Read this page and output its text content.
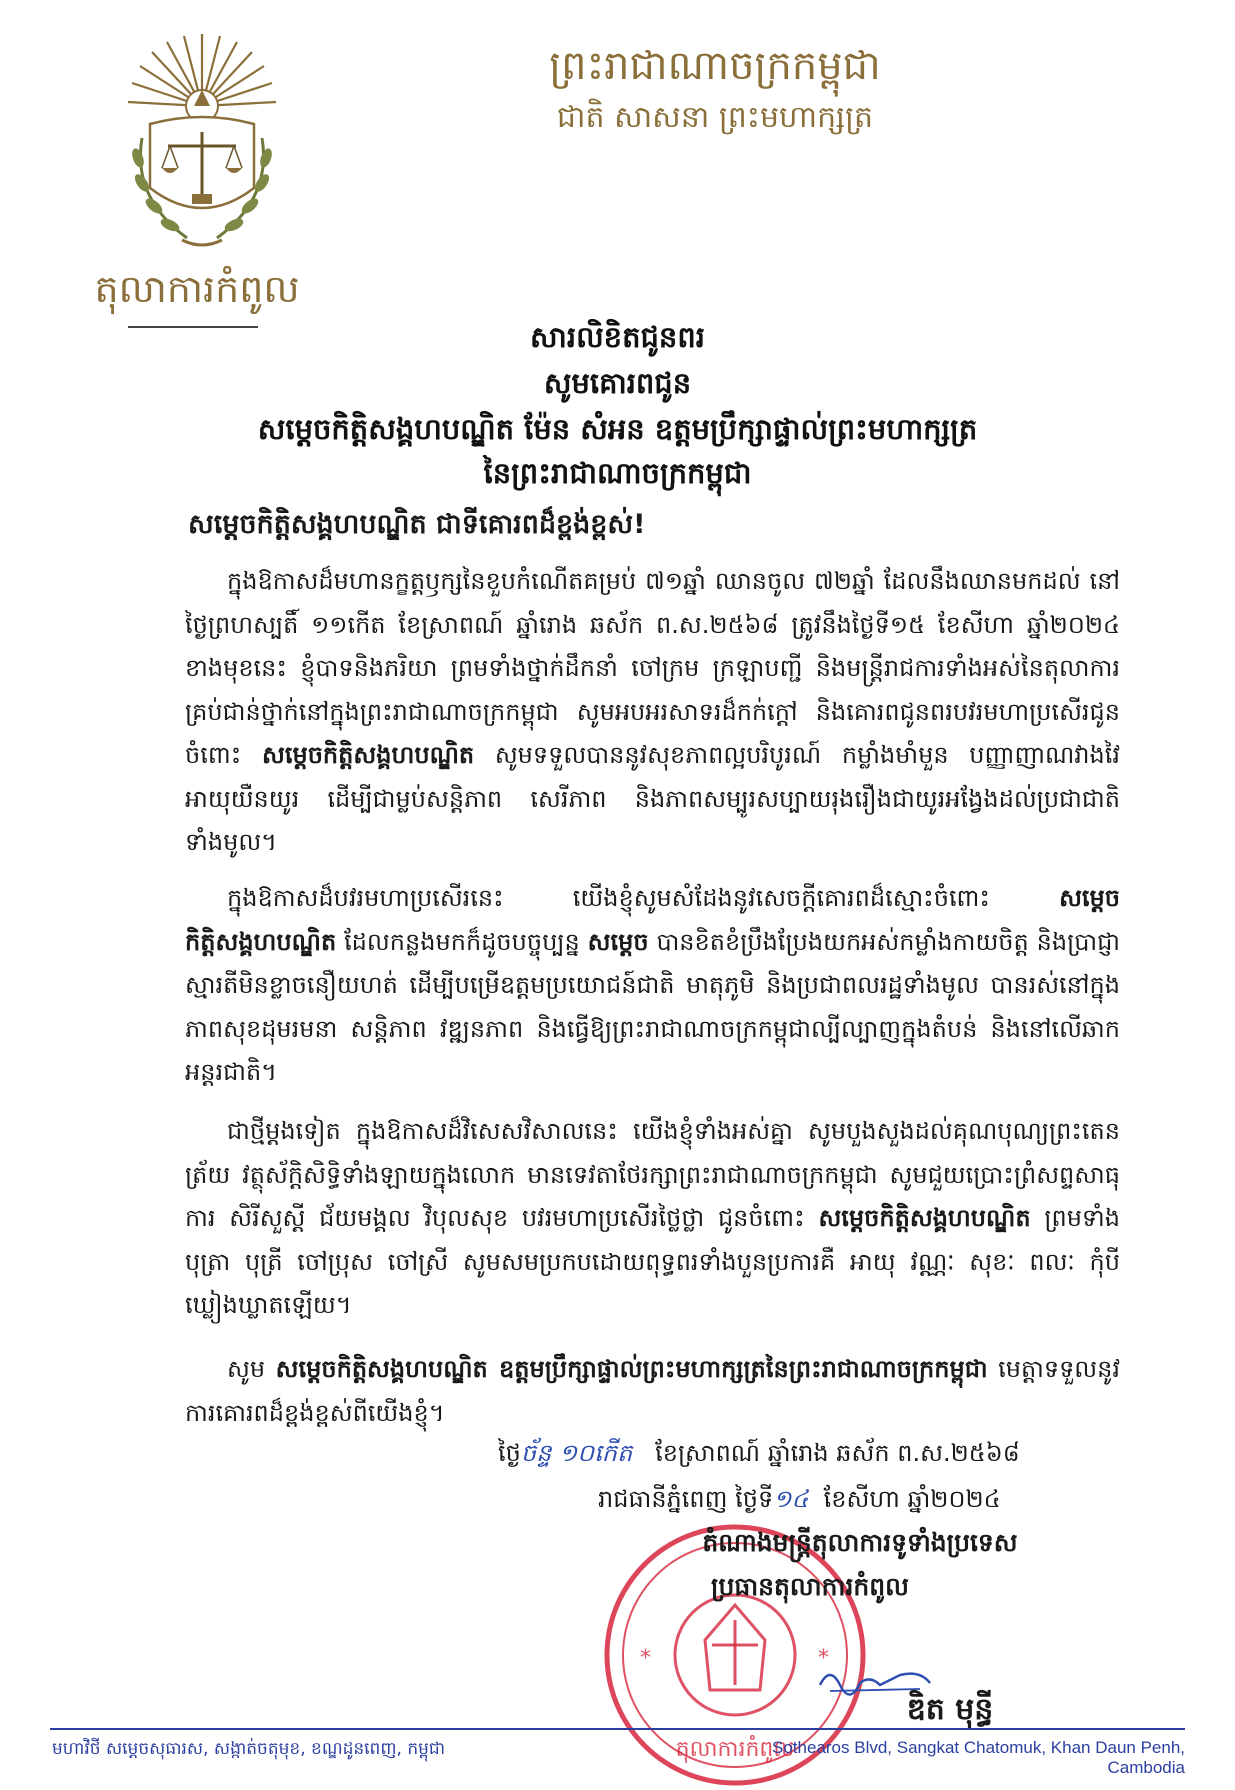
តុលាការកំពូល
ព្រះរាជាណាចក្រកម្ពុជា
ជាតិ សាសនា ព្រះមហាក្សត្រ
សារលិខិតជូនពរ
សូមគោរពជូន
សម្តេចកិត្តិសង្គហបណ្ឌិត ម៉ែន សំអន ឧត្តមប្រឹក្សាផ្ទាល់ព្រះមហាក្សត្រ
នៃព្រះរាជាណាចក្រកម្ពុជា
សម្តេចកិត្តិសង្គហបណ្ឌិត ជាទីគោរពដ៏ខ្ពង់ខ្ពស់!
ក្នុងឱកាសដ៏មហានក្ខត្តឫក្សនៃខួបកំណើតគម្រប់ ៧១ឆ្នាំ ឈានចូល ៧២ឆ្នាំ ដែលនឹងឈានមកដល់ នៅថ្ងៃព្រហស្បតិ៍ ១១កើត ខែស្រាពណ៍ ឆ្នាំរោង ឆស័ក ព.ស.២៥៦៨ ត្រូវនឹងថ្ងៃទី១៥ ខែសីហា ឆ្នាំ២០២៤ ខាងមុខនេះ ខ្ញុំបាទនិងភរិយា ព្រមទាំងថ្នាក់ដឹកនាំ ចៅក្រម ក្រឡាបញ្ជី និងមន្ត្រីរាជការទាំងអស់នៃតុលាការគ្រប់ជាន់ថ្នាក់នៅក្នុងព្រះរាជាណាចក្រកម្ពុជា សូមអបអរសាទរដ៏កក់ក្តៅ និងគោរពជូនពរបវរមហាប្រសើរជូនចំពោះ សម្តេចកិត្តិសង្គហបណ្ឌិត សូមទទួលបាននូវសុខភាពល្អបរិបូរណ៍ កម្លាំងមាំមួន បញ្ញាញាណវាងវៃ អាយុយឺនយូរ ដើម្បីជាម្លប់សន្តិភាព សេរីភាព និងភាពសម្បូរសប្បាយរុងរឿងជាយូរអង្វែងដល់ប្រជាជាតិទាំងមូល។
ក្នុងឱកាសដ៏បវរមហាប្រសើរនេះ យើងខ្ញុំសូមសំដែងនូវសេចក្តីគោរពដ៏ស្មោះចំពោះ	សម្តេចកិត្តិសង្គហបណ្ឌិត ដែលកន្លងមកក៏ដូចបច្ចុប្បន្ន សម្តេច បានខិតខំប្រឹងប្រែងយកអស់កម្លាំងកាយចិត្ត និងប្រាជ្ញាស្មារតីមិនខ្លាចនឿយហត់ ដើម្បីបម្រើឧត្តមប្រយោជន៍ជាតិ មាតុភូមិ និងប្រជាពលរដ្ឋទាំងមូល បានរស់នៅក្នុងភាពសុខដុមរមនា សន្តិភាព វឌ្ឍនភាព និងធ្វើឱ្យព្រះរាជាណាចក្រកម្ពុជាល្បីល្បាញក្នុងតំបន់ និងនៅលើឆាកអន្តរជាតិ។
ជាថ្មីម្តងទៀត ក្នុងឱកាសដ៏វិសេសវិសាលនេះ យើងខ្ញុំទាំងអស់គ្នា សូមបួងសួងដល់គុណបុណ្យព្រះតេនត្រ័យ វត្ថុស័ក្តិសិទ្ធិទាំងឡាយក្នុងលោក មានទេវតាថែរក្សាព្រះរាជាណាចក្រកម្ពុជា សូមជួយប្រោះព្រំសព្ទសាធុការ សិរីសួស្តី ជ័យមង្គល វិបុលសុខ បវរមហាប្រសើរថ្លៃថ្លា ជូនចំពោះ សម្តេចកិត្តិសង្គហបណ្ឌិត ព្រមទាំង បុត្រា បុត្រី ចៅប្រុស ចៅស្រី សូមសមប្រកបដោយពុទ្ធពរទាំងបួនប្រការគឺ អាយុ វណ្ណៈ សុខៈ ពលៈ កុំបីឃ្លៀងឃ្លាតឡើយ។
សូម សម្តេចកិត្តិសង្គហបណ្ឌិត ឧត្តមប្រឹក្សាផ្ទាល់ព្រះមហាក្សត្រនៃព្រះរាជាណាចក្រកម្ពុជា មេត្តាទទួលនូវការគោរពដ៏ខ្ពង់ខ្ពស់ពីយើងខ្ញុំ។
ថ្ងៃច័ន្ទ ១០កើត ខែស្រាពណ៍ ឆ្នាំរោង ឆស័ក ព.ស.២៥៦៨
រាជធានីភ្នំពេញ ថ្ងៃទី១៤ ខែសីហា ឆ្នាំ២០២៤
*	*
តុលាការកំពូល
តំណាងមន្ត្រីតុលាការទូទាំងប្រទេស
ប្រធានតុលាការកំពូល
ឌិត មុន្ធី
មហាវិថី សម្តេចសុធារស, សង្កាត់ចតុមុខ, ខណ្ឌដូនពេញ, កម្ពុជា	Sothearos Blvd, Sangkat Chatomuk, Khan Daun Penh, Cambodia
